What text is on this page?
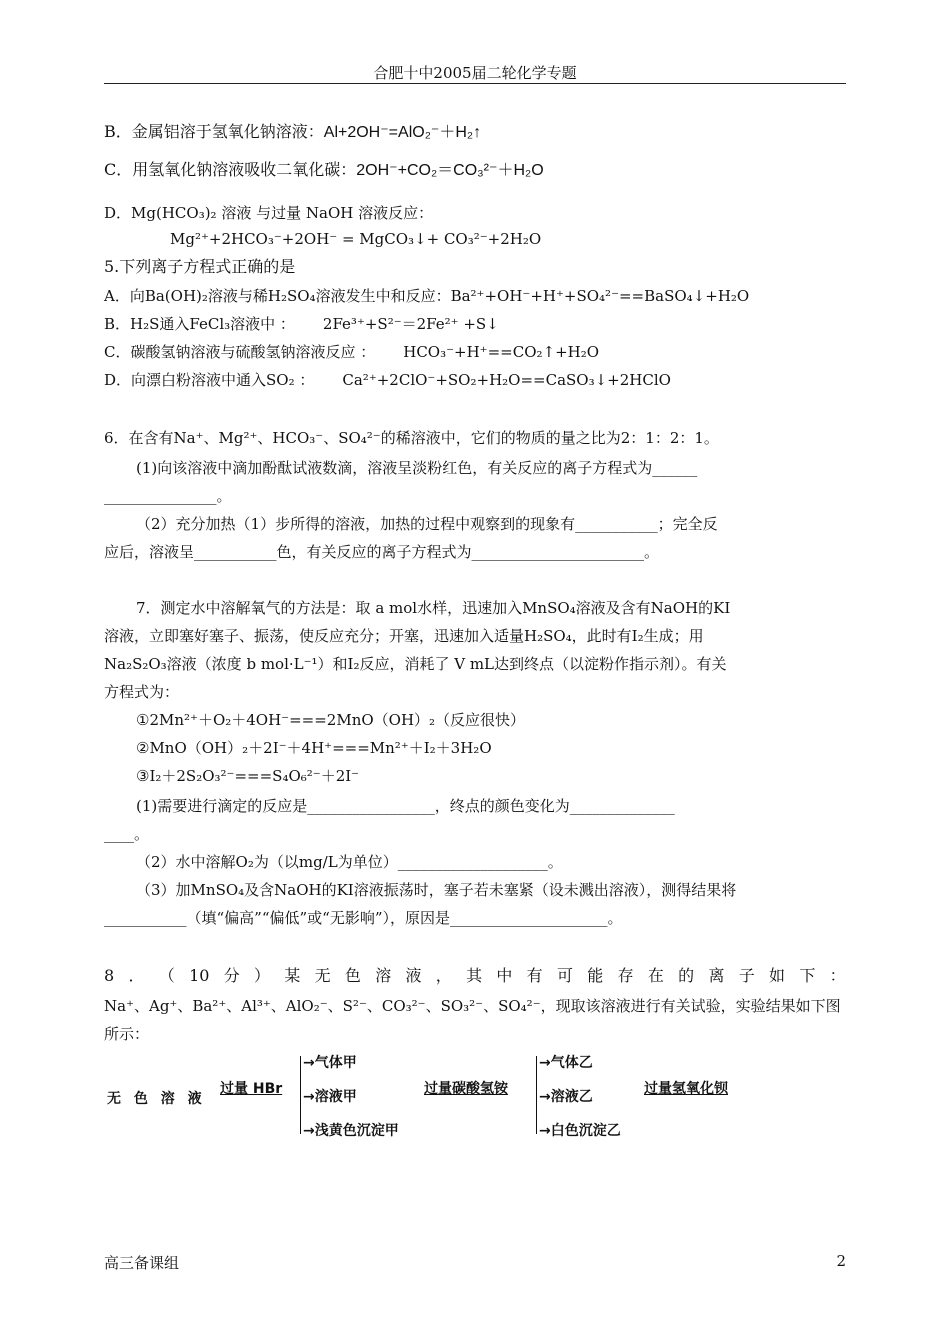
合肥十中2005届二轮化学专题
B．金属铝溶于氢氧化钠溶液：Al+2OH⁻=AlO₂⁻＋H₂↑
C．用氢氧化钠溶液吸收二氧化碳：2OH⁻+CO₂＝CO₃²⁻＋H₂O
D．Mg(HCO₃)₂ 溶液 与过量 NaOH 溶液反应：
Mg²⁺+2HCO₃⁻+2OH⁻ = MgCO₃↓+ CO₃²⁻+2H₂O
5.下列离子方程式正确的是
A．向Ba(OH)₂溶液与稀H₂SO₄溶液发生中和反应：Ba²⁺+OH⁻+H⁺+SO₄²⁻==BaSO₄↓+H₂O
B．H₂S通入FeCl₃溶液中 ： 2Fe³⁺+S²⁻＝2Fe²⁺ +S↓
C．碳酸氢钠溶液与硫酸氢钠溶液反应 ： HCO₃⁻+H⁺==CO₂↑+H₂O
D．向漂白粉溶液中通入SO₂ ： Ca²⁺+2ClO⁻+SO₂+H₂O==CaSO₃↓+2HClO
6．在含有Na⁺、Mg²⁺、HCO₃⁻、SO₄²⁻的稀溶液中，它们的物质的量之比为2：1：2：1。
(1)向该溶液中滴加酚酞试液数滴，溶液呈淡粉红色，有关反应的离子方程式为______
_______________。
（2）充分加热（1）步所得的溶液，加热的过程中观察到的现象有___________；完全反
应后，溶液呈___________色，有关反应的离子方程式为_______________________。
7．测定水中溶解氧气的方法是：取 a mol水样，迅速加入MnSO₄溶液及含有NaOH的KI
溶液，立即塞好塞子、振荡，使反应充分；开塞，迅速加入适量H₂SO₄，此时有I₂生成；用
Na₂S₂O₃溶液（浓度 b mol·L⁻¹）和I₂反应，消耗了 V mL达到终点（以淀粉作指示剂）。有关
方程式为：
①2Mn²⁺＋O₂＋4OH⁻===2MnO（OH）₂（反应很快）
②MnO（OH）₂＋2I⁻＋4H⁺===Mn²⁺＋I₂＋3H₂O
③I₂＋2S₂O₃²⁻===S₄O₆²⁻＋2I⁻
(1)需要进行滴定的反应是_________________，终点的颜色变化为______________
____。
（2）水中溶解O₂为（以mg/L为单位）____________________。
（3）加MnSO₄及含NaOH的KI溶液振荡时，塞子若未塞紧（设未溅出溶液），测得结果将
___________（填“偏高”“偏低”或“无影响”），原因是_____________________。
8 ． （ 10 分 ） 某 无 色 溶 液 ， 其 中 有 可 能 存 在 的 离 子 如 下 ：
Na⁺、Ag⁺、Ba²⁺、Al³⁺、AlO₂⁻、S²⁻、CO₃²⁻、SO₃²⁻、SO₄²⁻，现取该溶液进行有关试验，实验结果如下图
所示：
无 色 溶 液
过量 HBr
→气体甲
→溶液甲
→浅黄色沉淀甲
过量碳酸氢铵
→气体乙
→溶液乙
→白色沉淀乙
过量氢氧化钡
高三备课组	2
